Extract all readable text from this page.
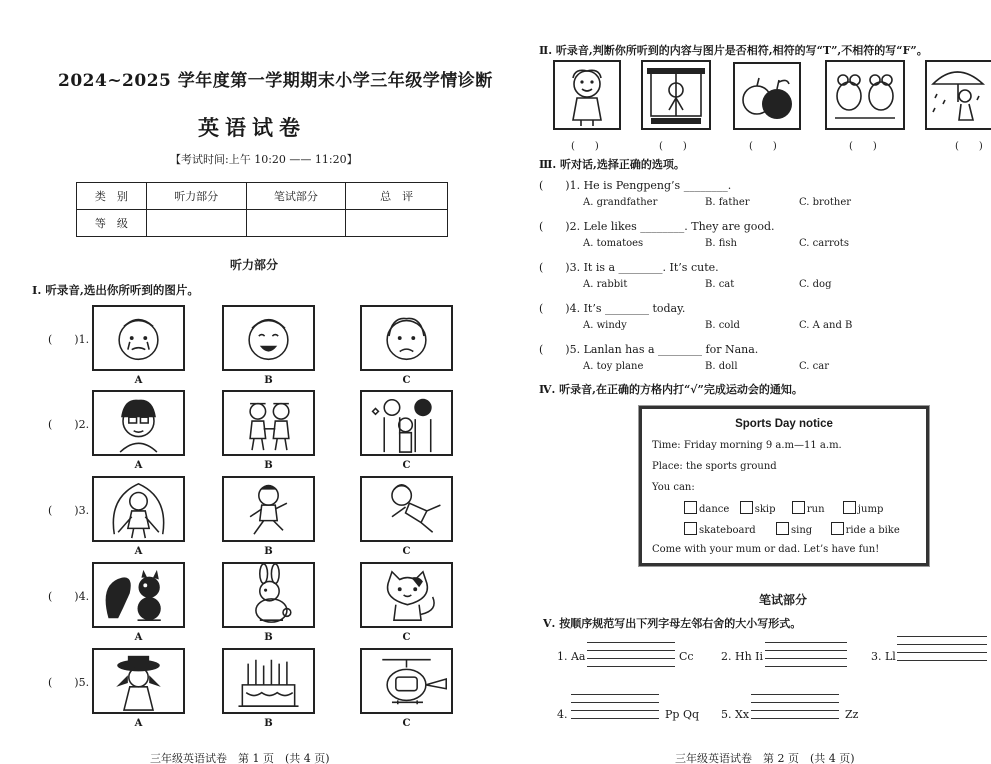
2024~2025 学年度第一学期期末小学三年级学情诊断
英语试卷
【考试时间:上午 10:20 —— 11:20】
类　别	听力部分	笔试部分	总　评
等　级			
听力部分
Ⅰ. 听录音,选出你所听到的图片。
(　　)1.
A	B	C
(　　)2.
A	B	C
(　　)3.
A	B	C
(　　)4.
A	B	C
(　　)5.
A	B	C
三年级英语试卷　第 1 页　(共 4 页)
Ⅱ. 听录音,判断你所听到的内容与图片是否相符,相符的写“T”,不相符的写“F”。
(　　)	(　　)	(　　)	(　　)	(　　)
Ⅲ. 听对话,选择正确的选项。
(　　)1. He is Pengpeng’s ________.
A. grandfather	B. father	C. brother
(　　)2. Lele likes ________. They are good.
A. tomatoes	B. fish	C. carrots
(　　)3. It is a ________. It’s cute.
A. rabbit	B. cat	C. dog
(　　)4. It’s ________ today.
A. windy	B. cold	C. A and B
(　　)5. Lanlan has a ________ for Nana.
A. toy plane	B. doll	C. car
Ⅳ. 听录音,在正确的方格内打“√”完成运动会的通知。
Sports Day notice
Time: Friday morning 9 a.m—11 a.m.
Place: the sports ground
You can:
dance	skip	run	jump
skateboard	sing	ride a bike
Come with your mum or dad. Let’s have fun!
笔试部分
Ⅴ. 按顺序规范写出下列字母左邻右舍的大小写形式。
1. Aa	Cc 2. Hh Ii	3. Ll
4.	Pp Qq 5. Xx	Zz
三年级英语试卷　第 2 页　(共 4 页)
